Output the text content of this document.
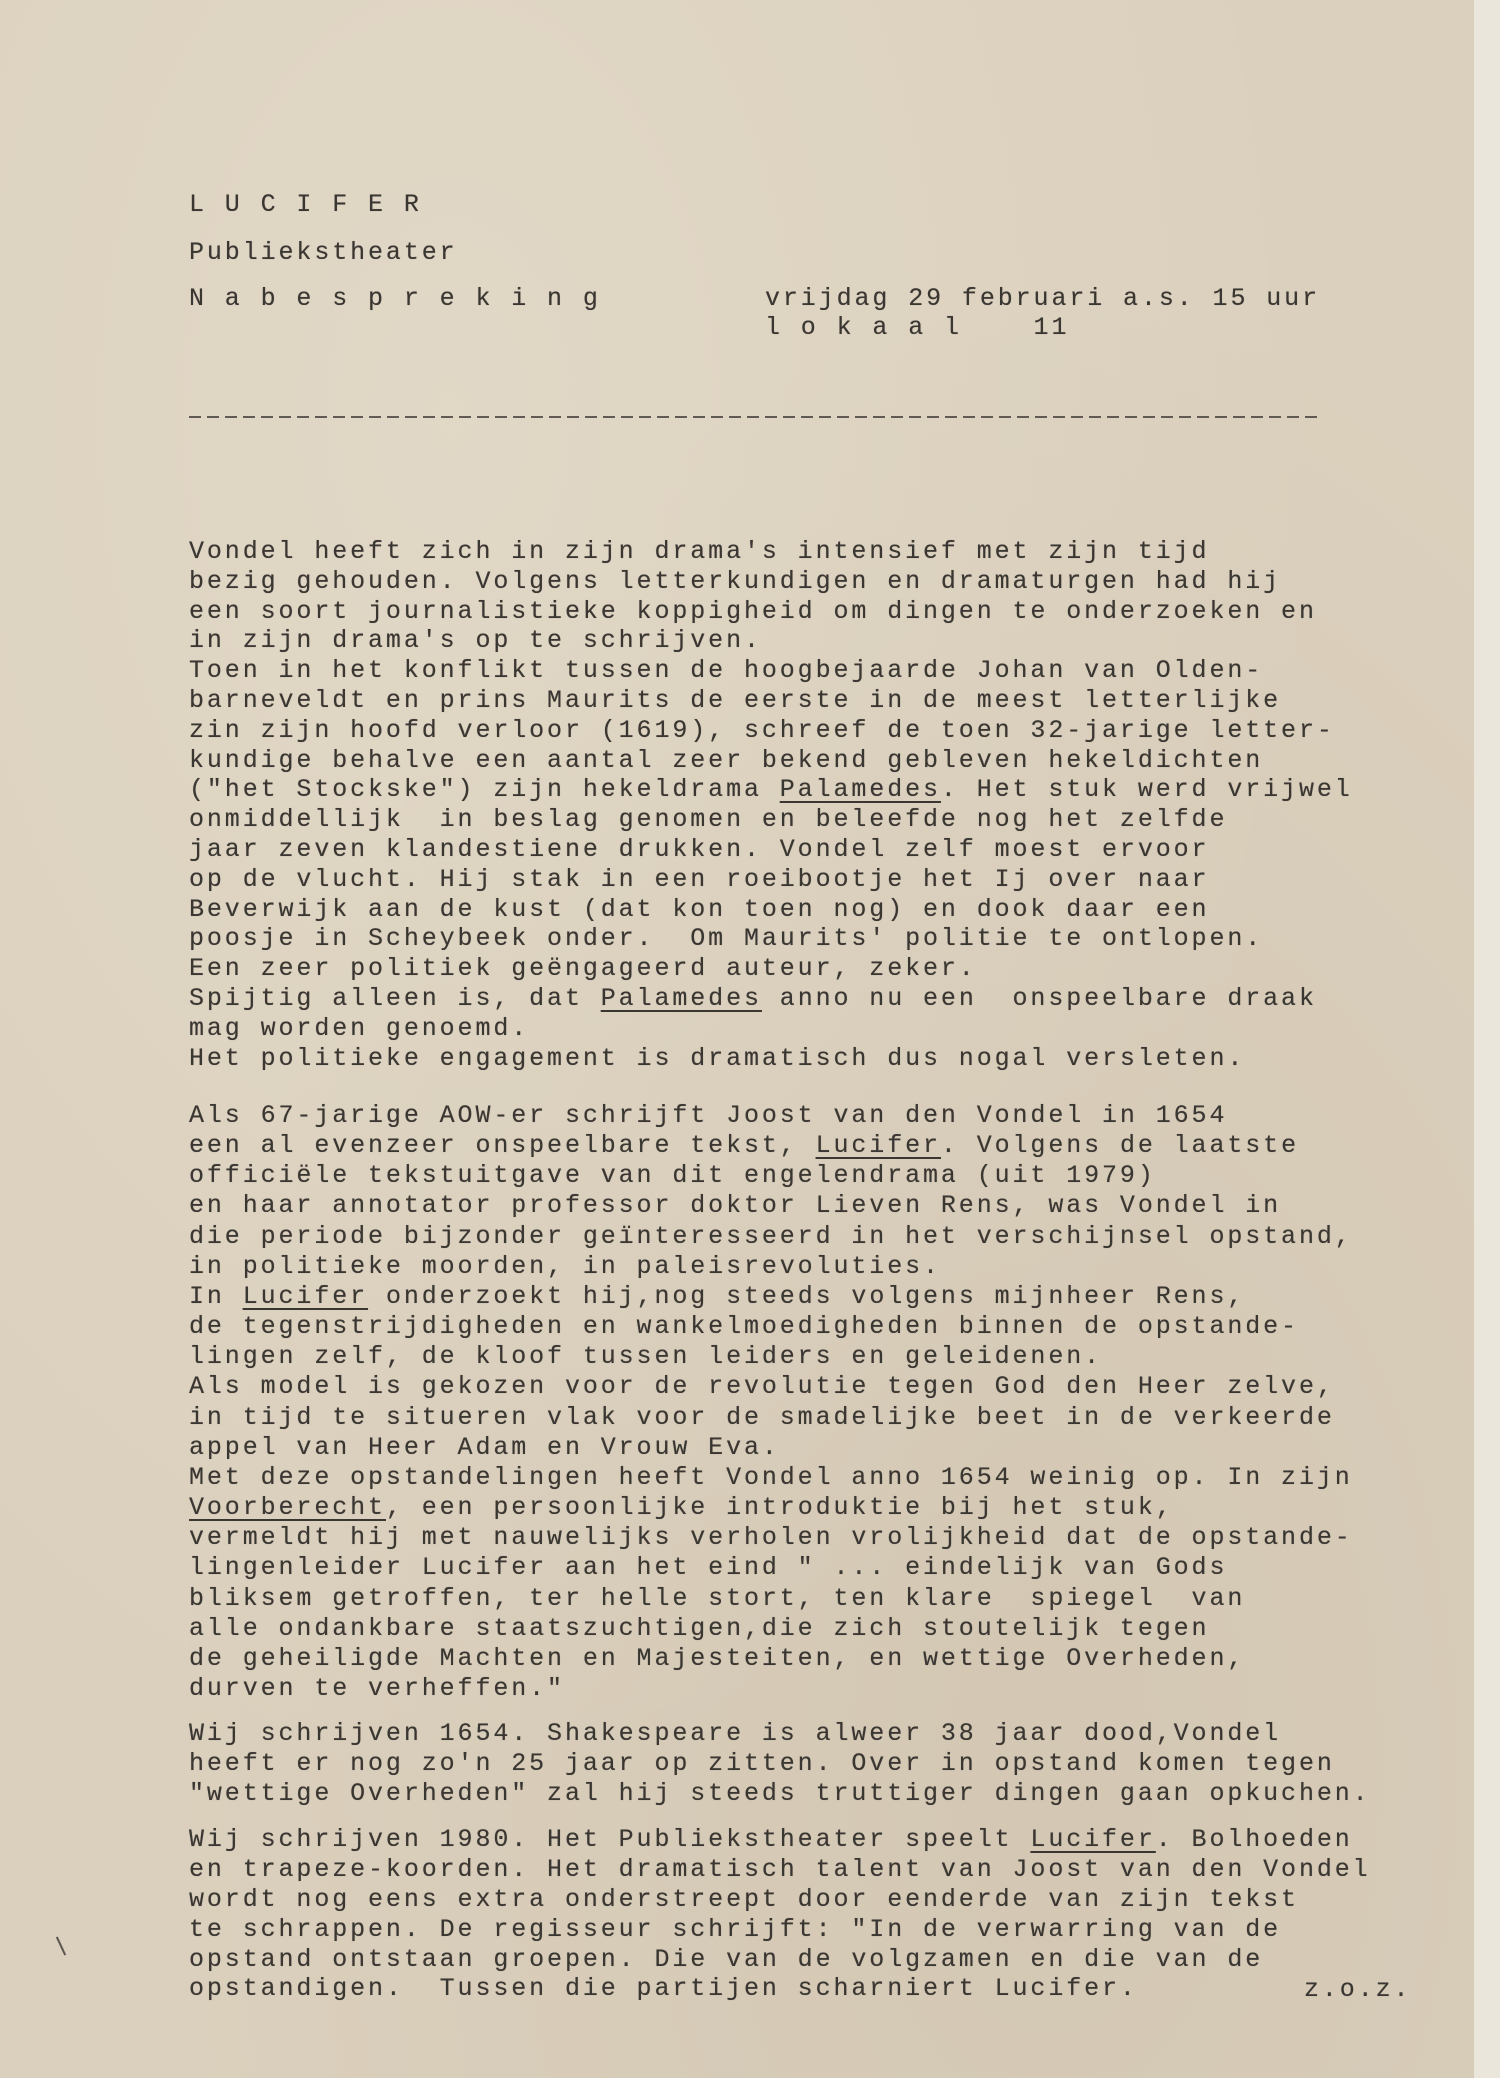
L U C I F E R
Publiekstheater
N a b e s p r e k i n g	vrijdag 29 februari a.s. 15 uur
l o k a a l    11
Vondel heeft zich in zijn drama's intensief met zijn tijd
bezig gehouden. Volgens letterkundigen en dramaturgen had hij
een soort journalistieke koppigheid om dingen te onderzoeken en
in zijn drama's op te schrijven.
Toen in het konflikt tussen de hoogbejaarde Johan van Olden-
barneveldt en prins Maurits de eerste in de meest letterlijke
zin zijn hoofd verloor (1619), schreef de toen 32-jarige letter-
kundige behalve een aantal zeer bekend gebleven hekeldichten
("het Stockske") zijn hekeldrama Palamedes. Het stuk werd vrijwel
onmiddellijk  in beslag genomen en beleefde nog het zelfde
jaar zeven klandestiene drukken. Vondel zelf moest ervoor
op de vlucht. Hij stak in een roeibootje het Ij over naar
Beverwijk aan de kust (dat kon toen nog) en dook daar een
poosje in Scheybeek onder.  Om Maurits' politie te ontlopen.
Een zeer politiek geëngageerd auteur, zeker.
Spijtig alleen is, dat Palamedes anno nu een  onspeelbare draak
mag worden genoemd.
Het politieke engagement is dramatisch dus nogal versleten.
Als 67-jarige AOW-er schrijft Joost van den Vondel in 1654
een al evenzeer onspeelbare tekst, Lucifer. Volgens de laatste
officiële tekstuitgave van dit engelendrama (uit 1979)
en haar annotator professor doktor Lieven Rens, was Vondel in
die periode bijzonder geïnteresseerd in het verschijnsel opstand,
in politieke moorden, in paleisrevoluties.
In Lucifer onderzoekt hij,nog steeds volgens mijnheer Rens,
de tegenstrijdigheden en wankelmoedigheden binnen de opstande-
lingen zelf, de kloof tussen leiders en geleidenen.
Als model is gekozen voor de revolutie tegen God den Heer zelve,
in tijd te situeren vlak voor de smadelijke beet in de verkeerde
appel van Heer Adam en Vrouw Eva.
Met deze opstandelingen heeft Vondel anno 1654 weinig op. In zijn
Voorberecht, een persoonlijke introduktie bij het stuk,
vermeldt hij met nauwelijks verholen vrolijkheid dat de opstande-
lingenleider Lucifer aan het eind " ... eindelijk van Gods
bliksem getroffen, ter helle stort, ten klare  spiegel  van
alle ondankbare staatszuchtigen,die zich stoutelijk tegen
de geheiligde Machten en Majesteiten, en wettige Overheden,
durven te verheffen."
Wij schrijven 1654. Shakespeare is alweer 38 jaar dood,Vondel
heeft er nog zo'n 25 jaar op zitten. Over in opstand komen tegen
"wettige Overheden" zal hij steeds truttiger dingen gaan opkuchen.
Wij schrijven 1980. Het Publiekstheater speelt Lucifer. Bolhoeden
en trapeze-koorden. Het dramatisch talent van Joost van den Vondel
wordt nog eens extra onderstreept door eenderde van zijn tekst
te schrappen. De regisseur schrijft: "In de verwarring van de
opstand ontstaan groepen. Die van de volgzamen en die van de
opstandigen.  Tussen die partijen scharniert Lucifer.	z.o.z.
